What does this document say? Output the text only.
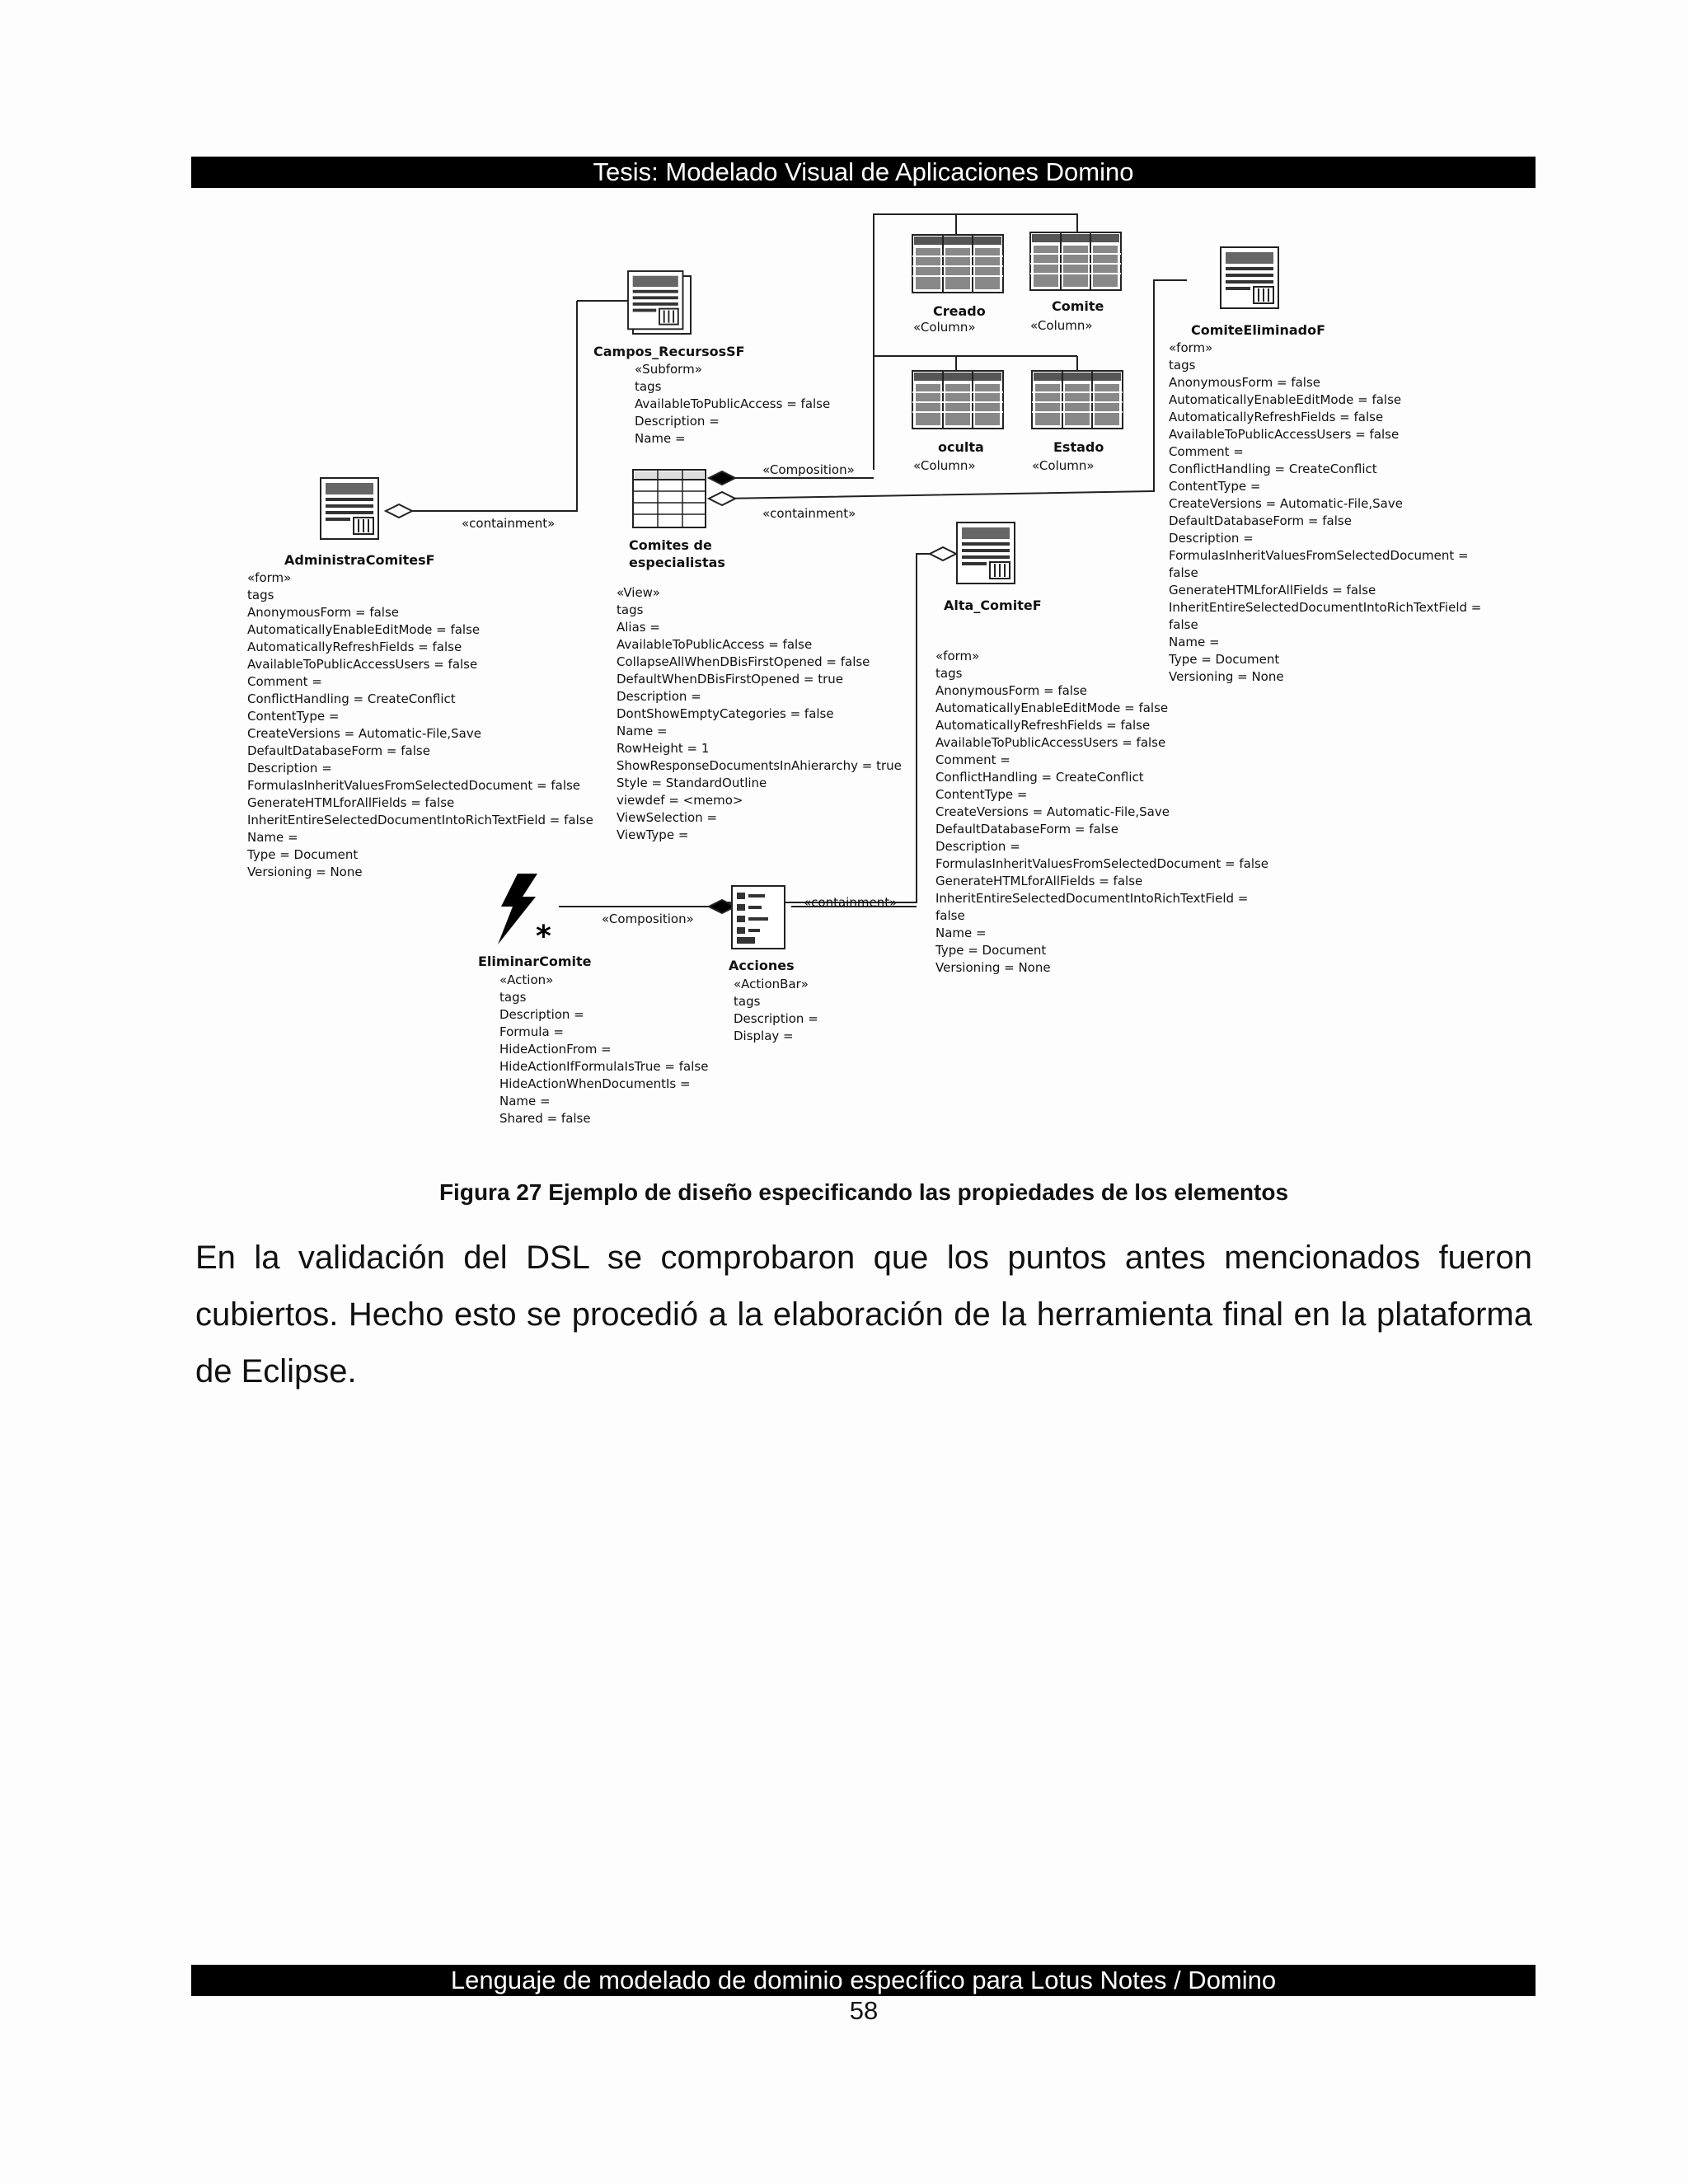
Tesis: Modelado Visual de Aplicaciones Domino
«Composition»
«containment»
«containment»
«Composition»
«containment»
Campos_RecursosSF
«Subform»
tags AvailableToPublicAccess = false Description = Name =
Creado
«Column»
Comite
«Column»
oculta
«Column»
Estado
«Column»
ComiteEliminadoF
«form»
tags AnonymousForm = false AutomaticallyEnableEditMode = false AutomaticallyRefreshFields = false AvailableToPublicAccessUsers = false Comment = ConflictHandling = CreateConflict ContentType = CreateVersions = Automatic-File,Save DefaultDatabaseForm = false Description = FormulasInheritValuesFromSelectedDocument = false GenerateHTMLforAllFields = false InheritEntireSelectedDocumentIntoRichTextField = false Name = Type = Document Versioning = None
AdministraComitesF
«form»
tags AnonymousForm = false AutomaticallyEnableEditMode = false AutomaticallyRefreshFields = false AvailableToPublicAccessUsers = false Comment = ConflictHandling = CreateConflict ContentType = CreateVersions = Automatic-File,Save DefaultDatabaseForm = false Description = FormulasInheritValuesFromSelectedDocument = false GenerateHTMLforAllFields = false InheritEntireSelectedDocumentIntoRichTextField = false Name = Type = Document Versioning = None
Comites de
especialistas
«View»
tags Alias = AvailableToPublicAccess = false CollapseAllWhenDBisFirstOpened = false DefaultWhenDBisFirstOpened = true Description = DontShowEmptyCategories = false Name = RowHeight = 1 ShowResponseDocumentsInAhierarchy = true Style = StandardOutline viewdef = <memo> ViewSelection = ViewType =
Alta_ComiteF
«form»
tags AnonymousForm = false AutomaticallyEnableEditMode = false AutomaticallyRefreshFields = false AvailableToPublicAccessUsers = false Comment = ConflictHandling = CreateConflict ContentType = CreateVersions = Automatic-File,Save DefaultDatabaseForm = false Description = FormulasInheritValuesFromSelectedDocument = false GenerateHTMLforAllFields = false InheritEntireSelectedDocumentIntoRichTextField = false Name = Type = Document Versioning = None
*
EliminarComite
«Action»
tags Description = Formula = HideActionFrom = HideActionIfFormulaIsTrue = false HideActionWhenDocumentIs = Name = Shared = false
Acciones
«ActionBar»
tags Description = Display =
Figura 27 Ejemplo de diseño especificando las propiedades de los elementos
En la validación del DSL se comprobaron que los puntos antes mencionados fueron cubiertos. Hecho esto se procedió a la elaboración de la herramienta final en la plataforma de Eclipse.
Lenguaje de modelado de dominio específico para Lotus Notes / Domino
58
